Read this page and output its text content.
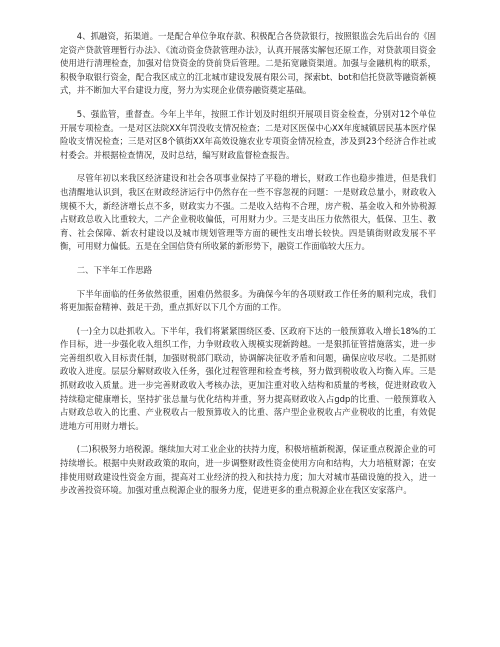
4、抓融资，拓渠道。一是配合单位争取存款、积极配合各贷款银行，按照银监会先后出台的《固定资产贷款管理暂行办法》、《流动资金贷款管理办法》，认真开展落实解包还原工作，对贷款项目资金使用进行清理检查，加强对信贷资金的贷前贷后管理。二是拓宽融资渠道。加强与金融机构的联系，积极争取银行资金，配合我区成立的江北城市建设发展有限公司，探索bt、bot和信托贷款等融资新模式，并不断加大平台建设力度，努力为实现企业债券融资奠定基础。

5、强监管，重督查。今年上半年，按照工作计划及时组织开展项目资金检查，分别对12个单位开展专项检查。一是对区法院XX年罚没收支情况检查；二是对区医保中心XX年度城镇居民基本医疗保险收支情况检查；三是对区8个镇街XX年高效设施农业专项资金情况检查，涉及到23个经济合作社或村委会。并根据检查情况，及时总结，编写财政监督检查报告。

尽管年初以来我区经济建设和社会各项事业保持了平稳的增长，财政工作也稳步推进，但是我们也清醒地认识到，我区在财政经济运行中仍然存在一些不容忽视的问题：一是财政总量小，财政收入规模不大，新经济增长点不多，财政实力不强。二是收入结构不合理，房产税、基金收入和外协税源占财政总收入比重较大，二产企业税收偏低，可用财力少。三是支出压力依然很大，低保、卫生、教育、社会保障、新农村建设以及城市规划管理等方面的硬性支出增长较快。四是镇街财政发展不平衡，可用财力偏低。五是在全国信贷有所收紧的新形势下，融资工作面临较大压力。

二、下半年工作思路

下半年面临的任务依然很重，困难仍然很多。为确保今年的各项财政工作任务的顺利完成，我们将更加振奋精神、鼓足干劲，重点抓好以下几个方面的工作。

(一)全力以赴抓收入。下半年，我们将紧紧围绕区委、区政府下达的一般预算收入增长18%的工作目标，进一步强化收入组织工作，力争财政收入规模实现新跨越。一是狠抓征管措施落实，进一步完善组织收入目标责任制，加强财税部门联动，协调解决征收矛盾和问题，确保应收尽收。二是抓财政收入进度。层层分解财政收入任务，强化过程管理和检查考核，努力做到税收收入均衡入库。三是抓财政收入质量。进一步完善财政收入考核办法，更加注重对收入结构和质量的考核，促进财政收入持续稳定健康增长，坚持扩张总量与优化结构并重，努力提高财政收入占gdp的比重、一般预算收入占财政总收入的比重、产业税收占一般预算收入的比重、落户型企业税收占产业税收的比重，有效促进地方可用财力增长。

(二)积极努力培税源。继续加大对工业企业的扶持力度，积极培植新税源，保证重点税源企业的可持续增长。根据中央财政政策的取向，进一步调整财政性资金使用方向和结构，大力培植财源；在安排使用财政建设性资金方面，提高对工业经济的投入和扶持力度；加大对城市基础设施的投入，进一步改善投资环境。加强对重点税源企业的服务力度，促进更多的重点税源企业在我区安家落户。
